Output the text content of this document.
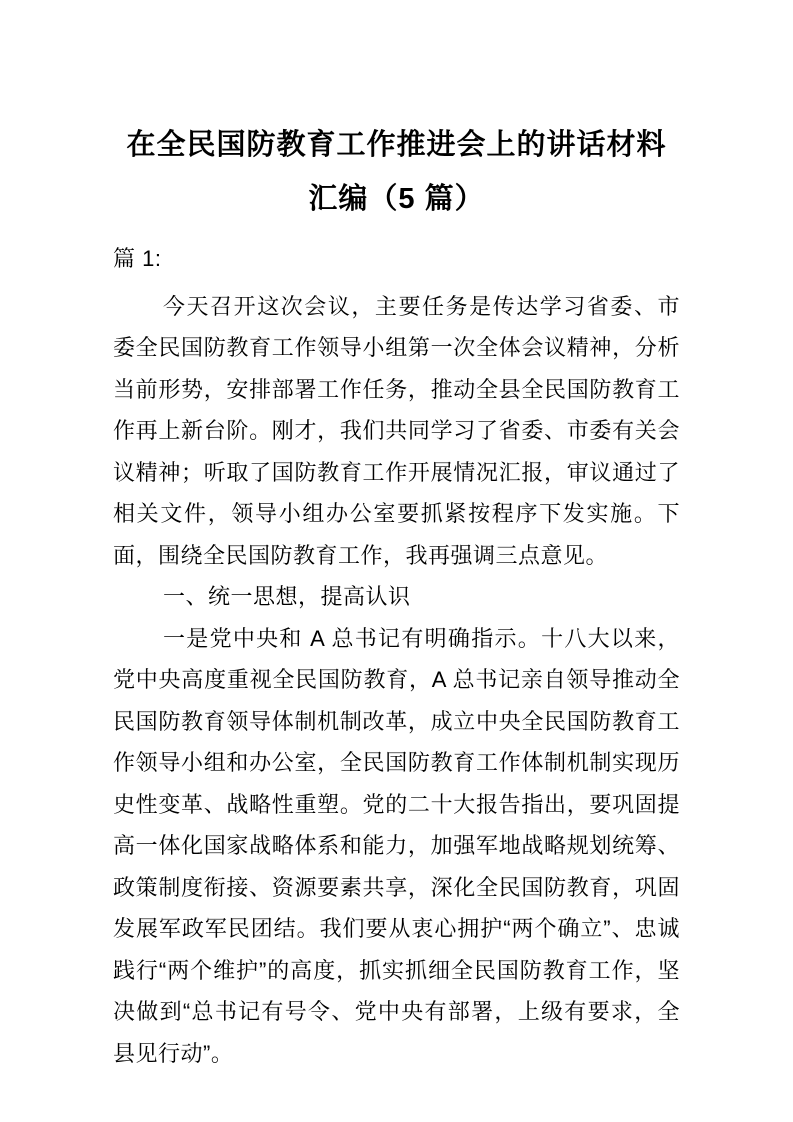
在全民国防教育工作推进会上的讲话材料
汇编（5 篇）

篇 1:

今天召开这次会议，主要任务是传达学习省委、市委全民国防教育工作领导小组第一次全体会议精神，分析当前形势，安排部署工作任务，推动全县全民国防教育工作再上新台阶。刚才，我们共同学习了省委、市委有关会议精神；听取了国防教育工作开展情况汇报，审议通过了相关文件，领导小组办公室要抓紧按程序下发实施。下面，围绕全民国防教育工作，我再强调三点意见。

一、统一思想，提高认识

一是党中央和 A 总书记有明确指示。十八大以来，党中央高度重视全民国防教育，A 总书记亲自领导推动全民国防教育领导体制机制改革，成立中央全民国防教育工作领导小组和办公室，全民国防教育工作体制机制实现历史性变革、战略性重塑。党的二十大报告指出，要巩固提高一体化国家战略体系和能力，加强军地战略规划统筹、政策制度衔接、资源要素共享，深化全民国防教育，巩固发展军政军民团结。我们要从衷心拥护“两个确立”、忠诚践行“两个维护”的高度，抓实抓细全民国防教育工作，坚决做到“总书记有号令、党中央有部署，上级有要求，全县见行动”。
